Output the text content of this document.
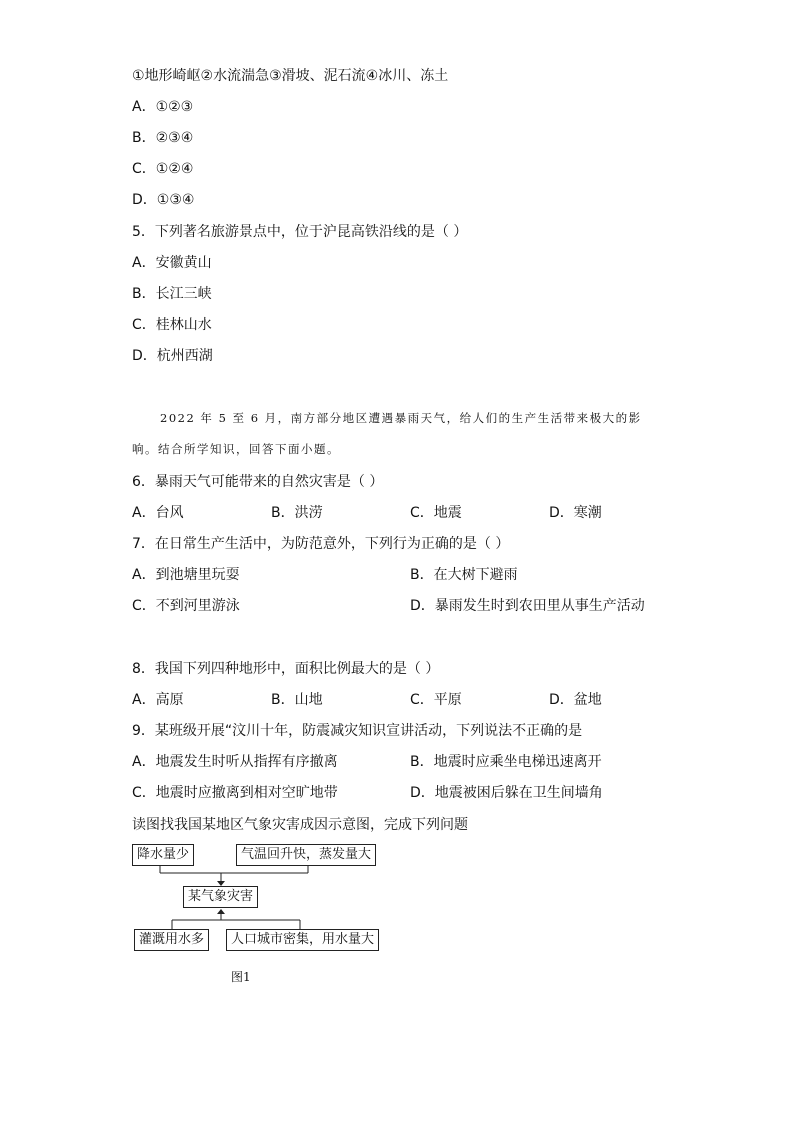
①地形崎岖②水流湍急③滑坡、泥石流④冰川、冻土
A．①②③
B．②③④
C．①②④
D．①③④
5．下列著名旅游景点中，位于沪昆高铁沿线的是（ ）
A．安徽黄山
B．长江三峡
C．桂林山水
D．杭州西湖
2022 年 5 至 6 月，南方部分地区遭遇暴雨天气，给人们的生产生活带来极大的影
响。结合所学知识，回答下面小题。
6．暴雨天气可能带来的自然灾害是（ ）
A．台风	B．洪涝	C．地震	D．寒潮
7．在日常生产生活中，为防范意外，下列行为正确的是（ ）
A．到池塘里玩耍	B．在大树下避雨
C．不到河里游泳	D．暴雨发生时到农田里从事生产活动
8．我国下列四种地形中，面积比例最大的是（ ）
A．高原	B．山地	C．平原	D．盆地
9．某班级开展“汶川十年，防震减灾知识宣讲活动，下列说法不正确的是
A．地震发生时听从指挥有序撤离	B．地震时应乘坐电梯迅速离开
C．地震时应撤离到相对空旷地带	D．地震被困后躲在卫生间墙角
读图找我国某地区气象灾害成因示意图，完成下列问题
降水量少	气温回升快，蒸发量大
某气象灾害
灌溉用水多	人口城市密集，用水量大
图1
